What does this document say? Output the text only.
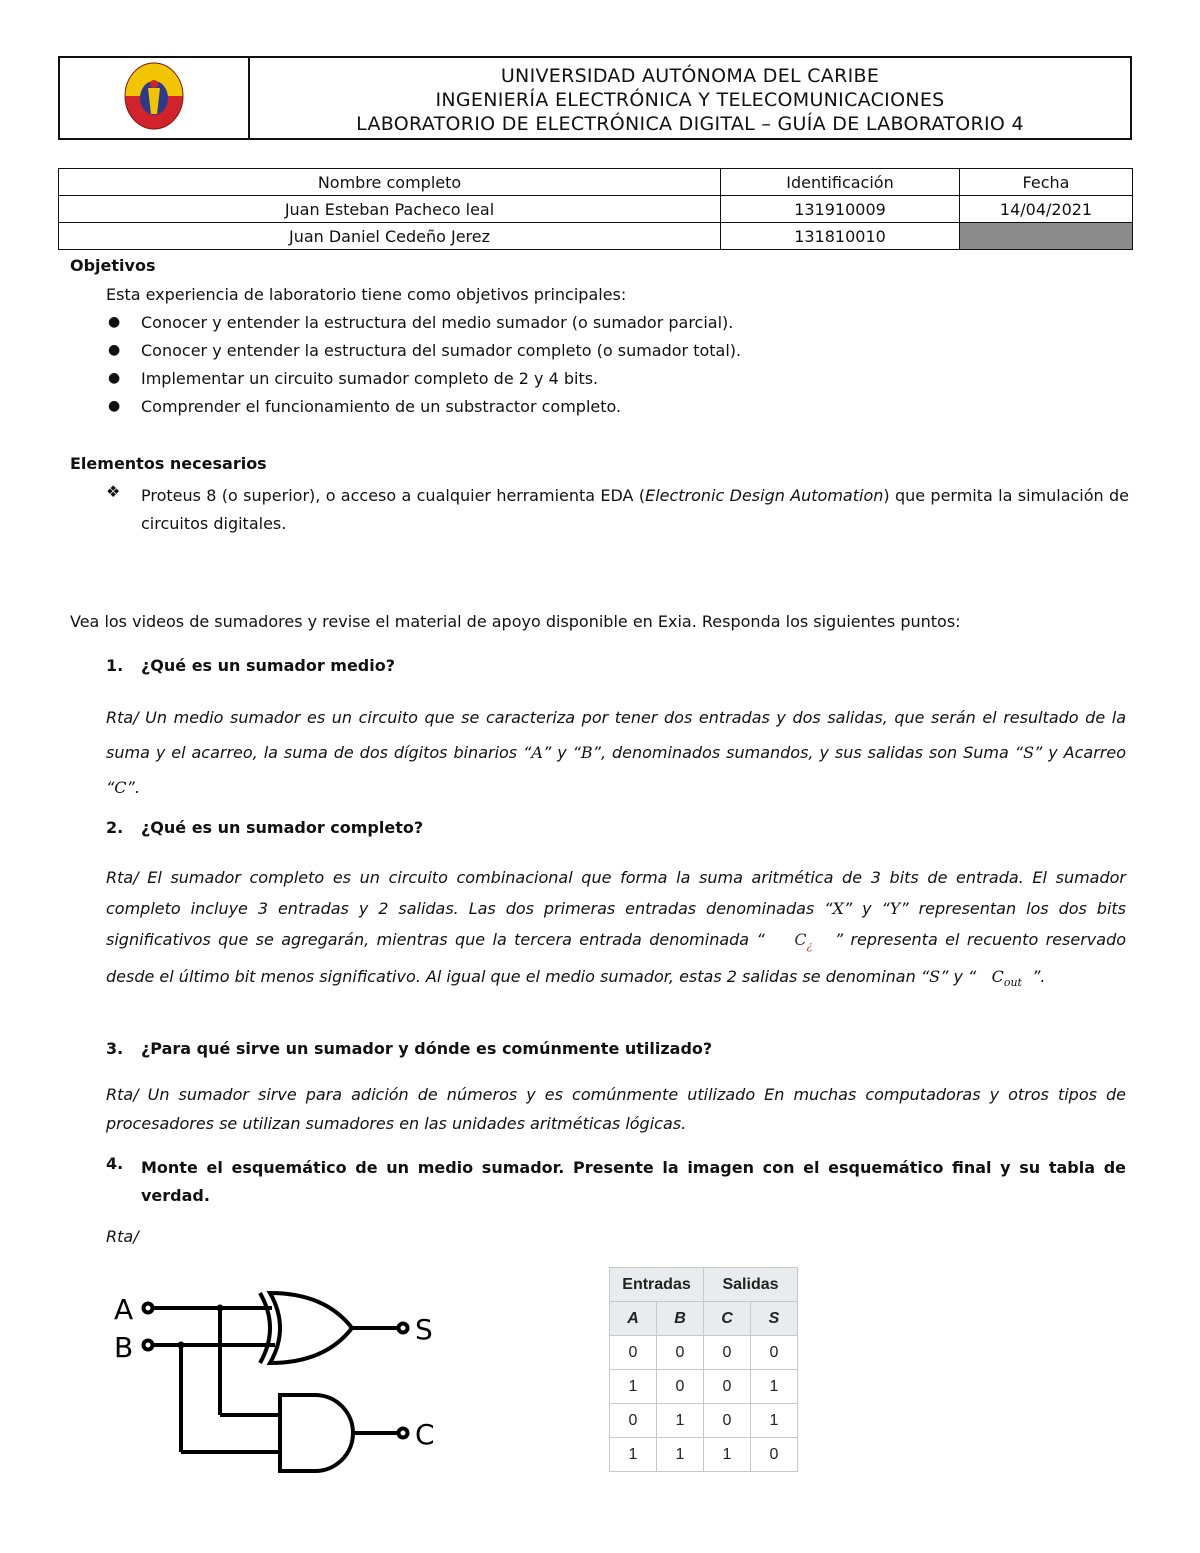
UNIVERSIDAD AUTÓNOMA DEL CARIBE
INGENIERÍA ELECTRÓNICA Y TELECOMUNICACIONES
LABORATORIO DE ELECTRÓNICA DIGITAL – GUÍA DE LABORATORIO 4
Nombre completo	Identificación	Fecha
Juan Esteban Pacheco leal	131910009	14/04/2021
Juan Daniel Cedeño Jerez	131810010	
Objetivos
Esta experiencia de laboratorio tiene como objetivos principales:
● Conocer y entender la estructura del medio sumador (o sumador parcial).
● Conocer y entender la estructura del sumador completo (o sumador total).
● Implementar un circuito sumador completo de 2 y 4 bits.
● Comprender el funcionamiento de un substractor completo.
Elementos necesarios
❖ Proteus 8 (o superior), o acceso a cualquier herramienta EDA (Electronic Design Automation) que permita la simulación de circuitos digitales.
Vea los videos de sumadores y revise el material de apoyo disponible en Exia. Responda los siguientes puntos:
1. ¿Qué es un sumador medio?
Rta/ Un medio sumador es un circuito que se caracteriza por tener dos entradas y dos salidas, que serán el resultado de la suma y el acarreo, la suma de dos dígitos binarios “A” y “B”, denominados sumandos, y sus salidas son Suma “S” y Acarreo “C”.
2. ¿Qué es un sumador completo?
Rta/ El sumador completo es un circuito combinacional que forma la suma aritmética de 3 bits de entrada. El sumador completo incluye 3 entradas y 2 salidas. Las dos primeras entradas denominadas “X” y “Y” representan los dos bits significativos que se agregarán, mientras que la tercera entrada denominada “ $C_¿$ ” representa el recuento reservado desde el último bit menos significativo. Al igual que el medio sumador, estas 2 salidas se denominan “S” y “ $C_{out}$ ”.
3. ¿Para qué sirve un sumador y dónde es comúnmente utilizado?
Rta/ Un sumador sirve para adición de números y es comúnmente utilizado En muchas computadoras y otros tipos de procesadores se utilizan sumadores en las unidades aritméticas lógicas.
4. Monte el esquemático de un medio sumador. Presente la imagen con el esquemático final y su tabla de verdad.
Rta/
A
B
S
C
Entradas		Salidas	
A	B	C	S
0	0	0	0
1	0	0	1
0	1	0	1
1	1	1	0
